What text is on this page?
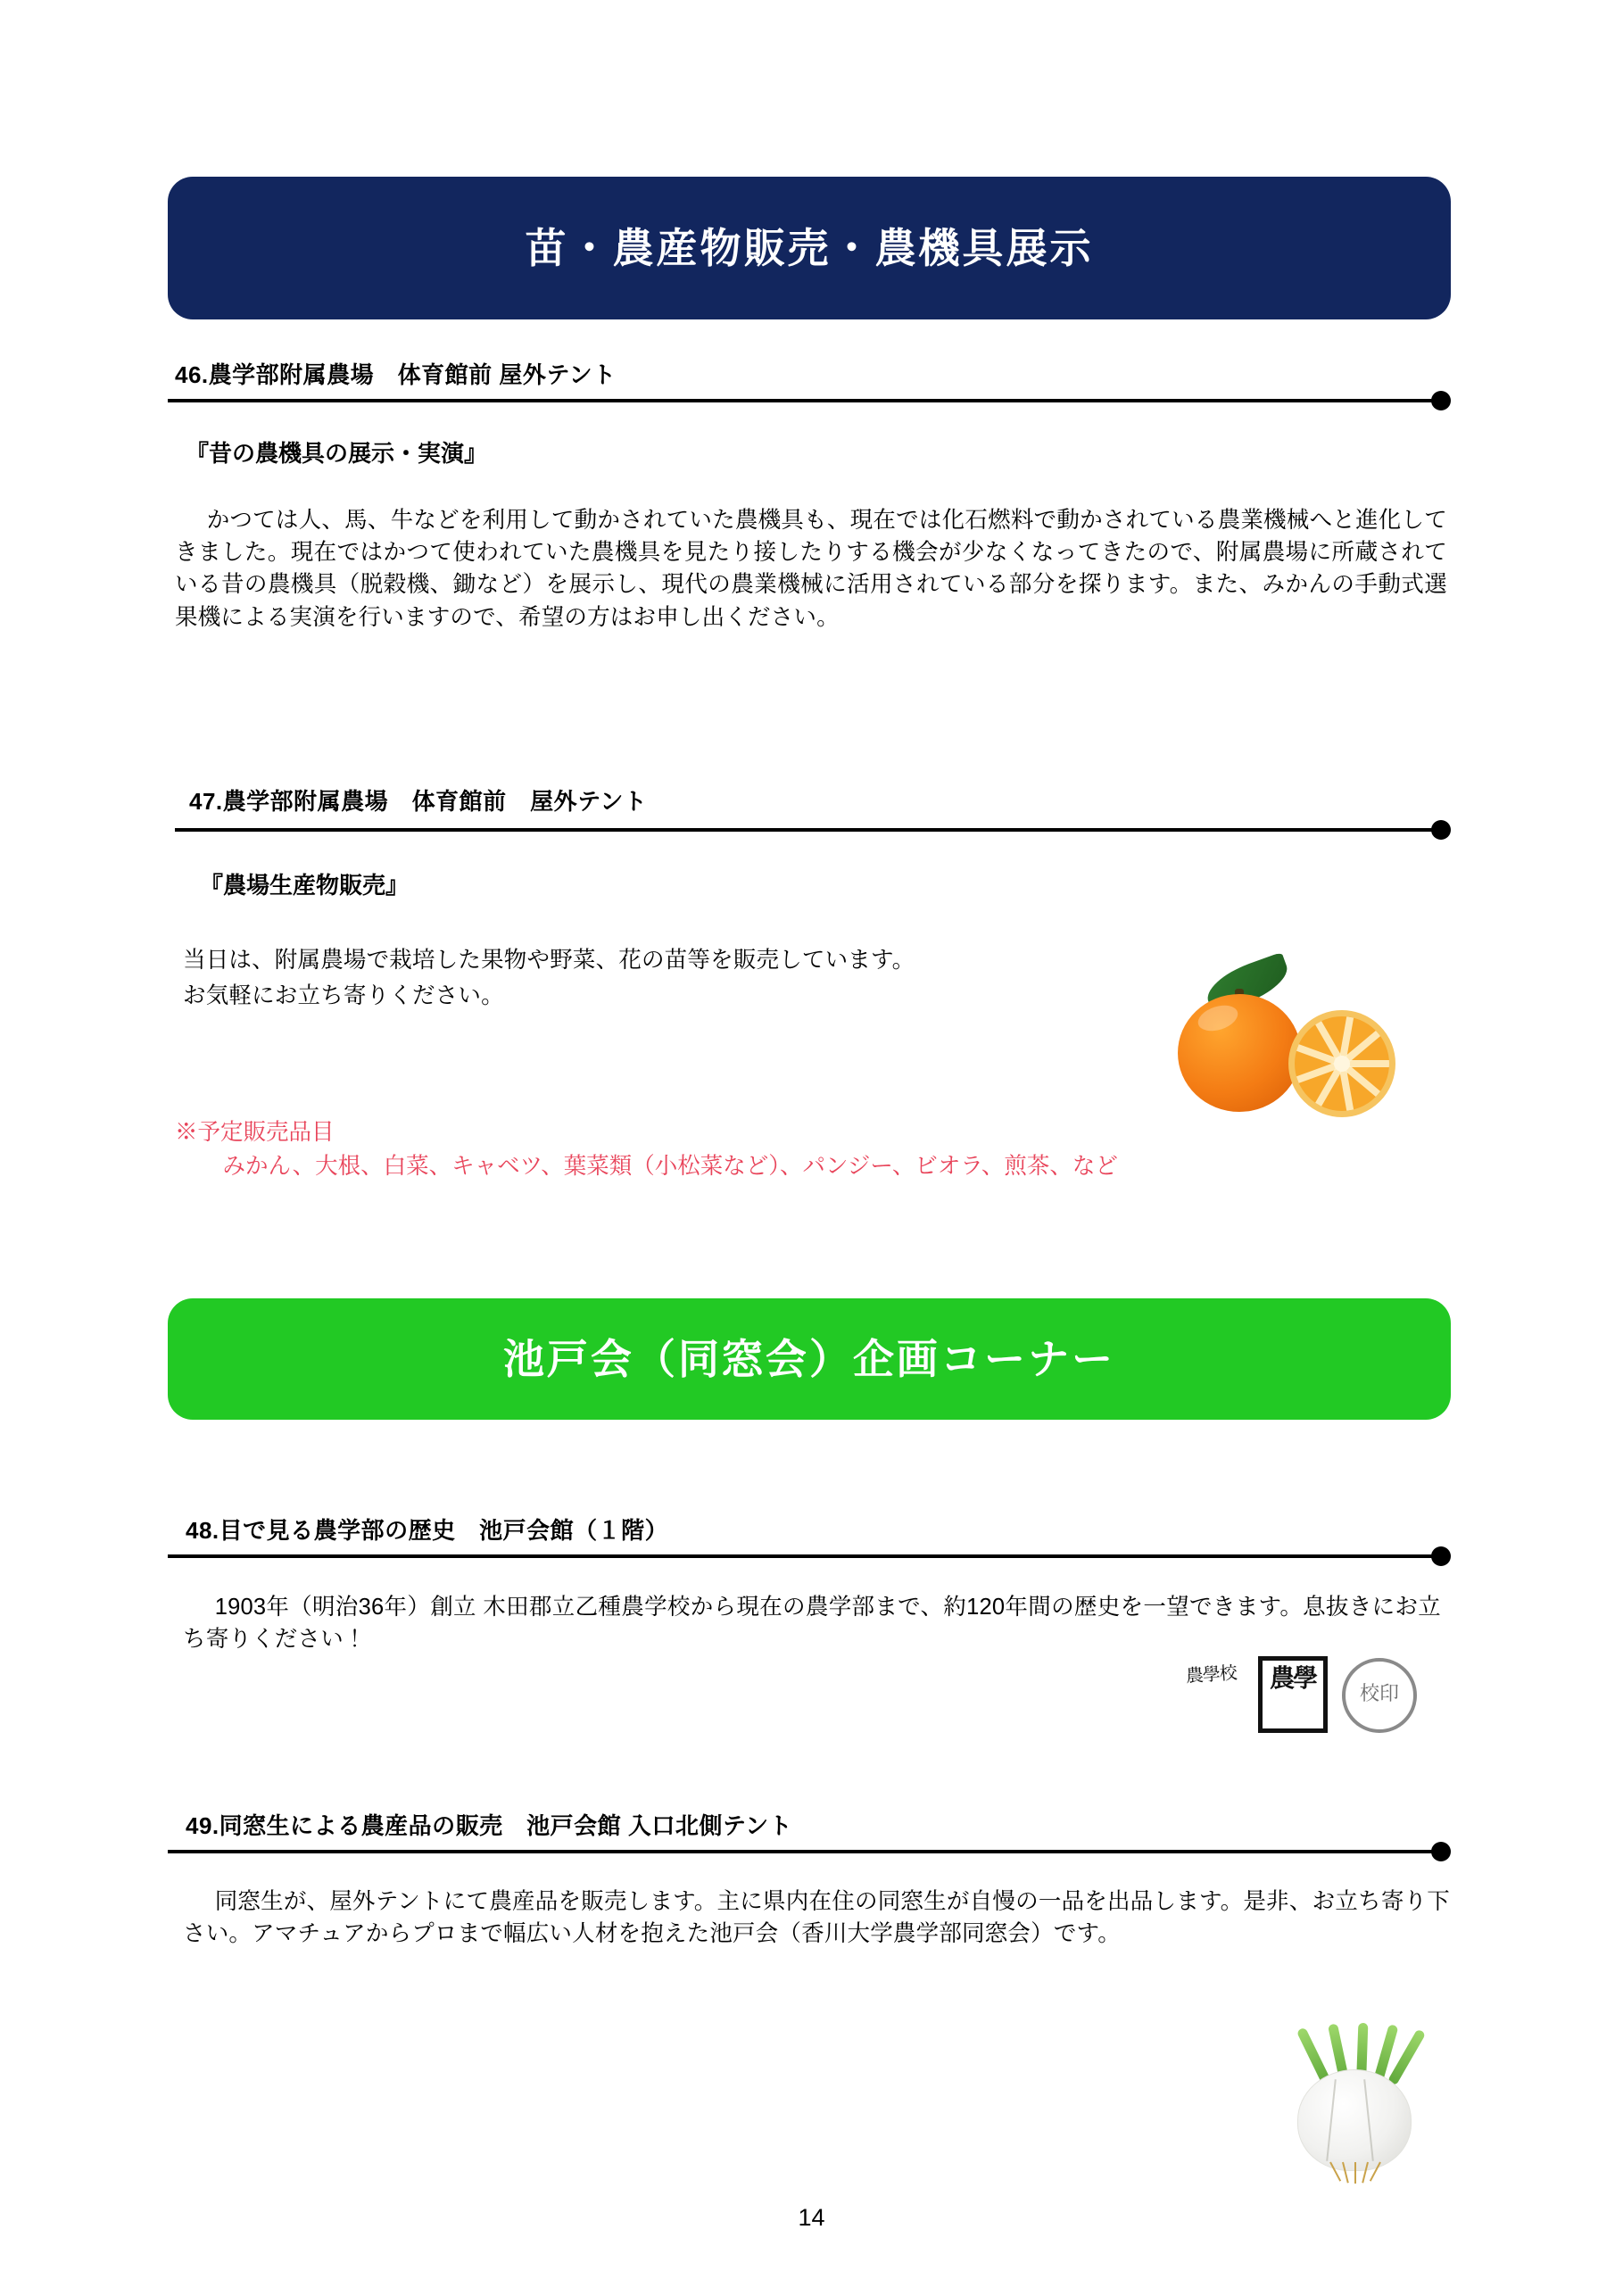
苗・農産物販売・農機具展示
46.農学部附属農場　体育館前 屋外テント
『昔の農機具の展示・実演』
かつては人、馬、牛などを利用して動かされていた農機具も、現在では化石燃料で動かされている農業機械へと進化してきました。現在ではかつて使われていた農機具を見たり接したりする機会が少なくなってきたので、附属農場に所蔵されている昔の農機具（脱穀機、鋤など）を展示し、現代の農業機械に活用されている部分を探ります。また、みかんの手動式選果機による実演を行いますので、希望の方はお申し出ください。
47.農学部附属農場　体育館前　屋外テント
『農場生産物販売』
当日は、附属農場で栽培した果物や野菜、花の苗等を販売しています。
お気軽にお立ち寄りください。
※予定販売品目
みかん、大根、白菜、キャベツ、葉菜類（小松菜など）、パンジー、ビオラ、煎茶、など
池戸会（同窓会）企画コーナー
48.目で見る農学部の歴史　池戸会館（１階）
1903年（明治36年）創立 木田郡立乙種農学校から現在の農学部まで、約120年間の歴史を一望できます。息抜きにお立ち寄りください！
農學校	農學
校印
49.同窓生による農産品の販売　池戸会館 入口北側テント
同窓生が、屋外テントにて農産品を販売します。主に県内在住の同窓生が自慢の一品を出品します。是非、お立ち寄り下さい。アマチュアからプロまで幅広い人材を抱えた池戸会（香川大学農学部同窓会）です。
14
